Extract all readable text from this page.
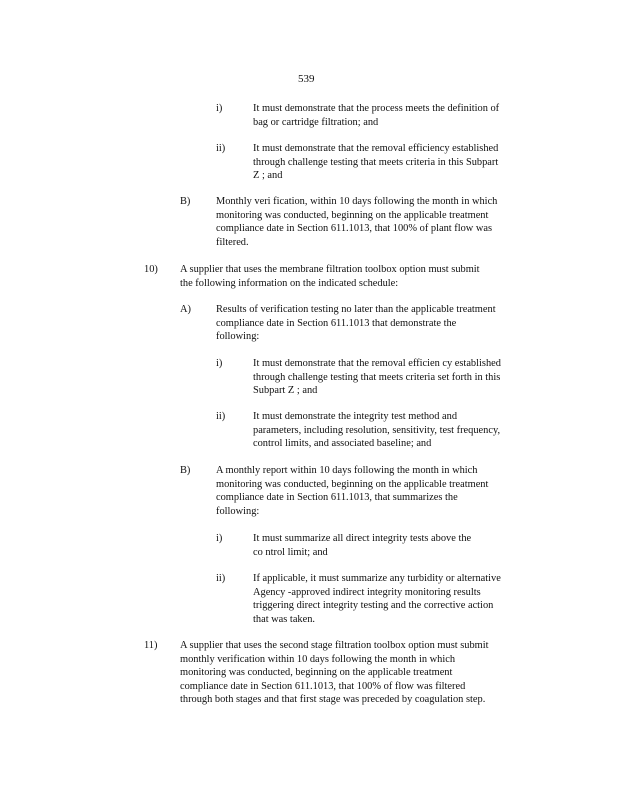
539
i)	It must demonstrate that the process meets the definition of
bag or cartridge filtration; and
ii)	It must demonstrate that the removal efficiency established
through challenge testing that meets criteria in this Subpart
Z ; and
B) Monthly veri fication, within 10 days following the month in which
monitoring was conducted, beginning on the applicable treatment
compliance date in Section 611.1013, that 100% of plant flow was
filtered.
10) A supplier that uses the membrane filtration toolbox option must submit
the following information on the indicated schedule:
A) Results of verification testing no later than the applicable treatment
compliance date in Section 611.1013 that demonstrate the
following:
i)	It must demonstrate that the removal efficien cy established
through challenge testing that meets criteria set forth in this
Subpart Z ; and
ii)	It must demonstrate the integrity test method and
parameters, including resolution, sensitivity, test frequency,
control limits, and associated baseline; and
B) A monthly report within 10 days following the month in which
monitoring was conducted, beginning on the applicable treatment
compliance date in Section 611.1013, that summarizes the
following:
i)	It must summarize all direct integrity tests above the
co ntrol limit; and
ii)	If applicable, it must summarize any turbidity or alternative
Agency -approved indirect integrity monitoring results
triggering direct integrity testing and the corrective action
that was taken.
11) A supplier that uses the second stage filtration toolbox option must submit
monthly verification within 10 days following the month in which
monitoring was conducted, beginning on the applicable treatment
compliance date in Section 611.1013, that 100% of flow was filtered
through both stages and that first stage was preceded by coagulation step.
